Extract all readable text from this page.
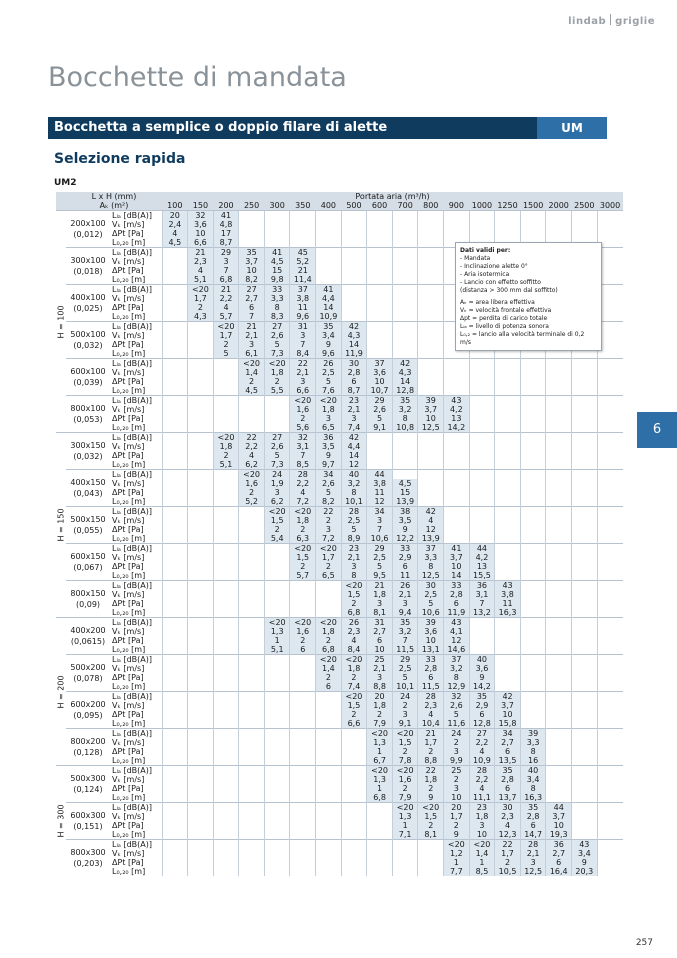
lindab griglie
Bocchette di mandata
Bocchetta a semplice o doppio filare di alette	UM
Selezione rapida
UM2
	L x H (mm)		Portata aria (m³/h)																	
	Aₖ (m²)		100	150	200	250	300	350	400	500	600	700	800	900	1000	1250	1500	2000	2500	3000

H = 100	200x100
(0,012)	Lₗₐ [dB(A)]	20	32	41															
		Vₖ [m/s]	2,4	3,6	4,8															
		ΔPt [Pa]	4	10	17															
		L₀,₂₀ [m]	4,5	6,6	8,7															

	300x100
(0,018)	Lₗₐ [dB(A)]		21	29	35	41	45												
		Vₖ [m/s]		2,3	3	3,7	4,5	5,2												
		ΔPt [Pa]		4	7	10	15	21												
		L₀,₂₀ [m]		5,1	6,8	8,2	9,8	11,4												

	400x100
(0,025)	Lₗₐ [dB(A)]		<20	21	27	33	37	41											
		Vₖ [m/s]		1,7	2,2	2,7	3,3	3,8	4,4											
		ΔPt [Pa]		2	4	6	8	11	14											
		L₀,₂₀ [m]		4,3	5,7	7	8,3	9,6	10,9											

	500x100
(0,032)	Lₗₐ [dB(A)]			<20	21	27	31	35	42										
		Vₖ [m/s]			1,7	2,1	2,6	3	3,4	4,3										
		ΔPt [Pa]			2	3	5	7	9	14										
		L₀,₂₀ [m]			5	6,1	7,3	8,4	9,6	11,9										

	600x100
(0,039)	Lₗₐ [dB(A)]				<20	<20	22	26	30	37	42								
		Vₖ [m/s]				1,4	1,8	2,1	2,5	2,8	3,6	4,3								
		ΔPt [Pa]				2	2	3	5	6	10	14								
		L₀,₂₀ [m]				4,5	5,5	6,6	7,6	8,7	10,7	12,8								

	800x100
(0,053)	Lₗₐ [dB(A)]						<20	<20	23	29	35	39	43						
		Vₖ [m/s]						1,6	1,8	2,1	2,6	3,2	3,7	4,2						
		ΔPt [Pa]						2	3	3	5	8	10	13						
		L₀,₂₀ [m]						5,6	6,5	7,4	9,1	10,8	12,5	14,2						

H = 150	300x150
(0,032)	Lₗₐ [dB(A)]			<20	22	27	32	36	42										
		Vₖ [m/s]			1,8	2,2	2,6	3,1	3,5	4,4										
		ΔPt [Pa]			2	4	5	7	9	14										
		L₀,₂₀ [m]			5,1	6,2	7,3	8,5	9,7	12										

	400x150
(0,043)	Lₗₐ [dB(A)]				<20	24	28	34	40	44									
		Vₖ [m/s]				1,6	1,9	2,2	2,6	3,2	3,8	4,5								
		ΔPt [Pa]				2	3	4	5	8	11	15								
		L₀,₂₀ [m]				5,2	6,2	7,2	8,2	10,1	12	13,9								

	500x150
(0,055)	Lₗₐ [dB(A)]					<20	<20	22	28	34	38	42							
		Vₖ [m/s]					1,5	1,8	2	2,5	3	3,5	4							
		ΔPt [Pa]					2	2	3	5	7	9	12							
		L₀,₂₀ [m]					5,4	6,3	7,2	8,9	10,6	12,2	13,9							

	600x150
(0,067)	Lₗₐ [dB(A)]						<20	<20	23	29	33	37	41	44					
		Vₖ [m/s]						1,5	1,7	2,1	2,5	2,9	3,3	3,7	4,2					
		ΔPt [Pa]						2	2	3	5	6	8	10	13					
		L₀,₂₀ [m]						5,7	6,5	8	9,5	11	12,5	14	15,5					

	800x150
(0,09)	Lₗₐ [dB(A)]								<20	21	26	30	33	36	43				
		Vₖ [m/s]								1,5	1,8	2,1	2,5	2,8	3,1	3,8				
		ΔPt [Pa]								2	3	3	5	6	7	11				
		L₀,₂₀ [m]								6,8	8,1	9,4	10,6	11,9	13,2	16,3				

H = 200	400x200
(0,0615)	Lₗₐ [dB(A)]					<20	<20	<20	26	31	35	39	43						
		Vₖ [m/s]					1,3	1,6	1,8	2,3	2,7	3,2	3,6	4,1						
		ΔPt [Pa]					1	2	2	4	6	7	10	12						
		L₀,₂₀ [m]					5,1	6	6,8	8,4	10	11,5	13,1	14,6						

	500x200
(0,078)	Lₗₐ [dB(A)]							<20	<20	25	29	33	37	40					
		Vₖ [m/s]							1,4	1,8	2,1	2,5	2,8	3,2	3,6					
		ΔPt [Pa]							2	2	3	5	6	8	9					
		L₀,₂₀ [m]							6	7,4	8,8	10,1	11,5	12,9	14,2					

	600x200
(0,095)	Lₗₐ [dB(A)]								<20	20	24	28	32	35	42				
		Vₖ [m/s]								1,5	1,8	2	2,3	2,6	2,9	3,7				
		ΔPt [Pa]								2	2	3	4	5	6	10				
		L₀,₂₀ [m]								6,6	7,9	9,1	10,4	11,6	12,8	15,8				

	800x200
(0,128)	Lₗₐ [dB(A)]									<20	<20	21	24	27	34	39			
		Vₖ [m/s]									1,3	1,5	1,7	2	2,2	2,7	3,3			
		ΔPt [Pa]									1	2	2	3	4	6	8			
		L₀,₂₀ [m]									6,7	7,8	8,8	9,9	10,9	13,5	16			

H = 300	500x300
(0,124)	Lₗₐ [dB(A)]									<20	<20	22	25	28	35	40			
		Vₖ [m/s]									1,3	1,6	1,8	2	2,2	2,8	3,4			
		ΔPt [Pa]									1	2	2	3	4	6	8			
		L₀,₂₀ [m]									6,8	7,9	9	10	11,1	13,7	16,3			

	600x300
(0,151)	Lₗₐ [dB(A)]										<20	<20	20	23	30	35	44		
		Vₖ [m/s]										1,3	1,5	1,7	1,8	2,3	2,8	3,7		
		ΔPt [Pa]										1	2	2	3	4	6	10		
		L₀,₂₀ [m]										7,1	8,1	9	10	12,3	14,7	19,3		

	800x300
(0,203)	Lₗₐ [dB(A)]												<20	<20	22	28	36	43	
		Vₖ [m/s]												1,2	1,4	1,7	2,1	2,7	3,4	
		ΔPt [Pa]												1	1	2	3	6	9	
		L₀,₂₀ [m]												7,7	8,5	10,5	12,5	16,4	20,3	
Dati validi per:
- Mandata
- Inclinazione alette 0°
- Aria isotermica
- Lancio con effetto soffitto
(distanza > 300 mm dal soffitto)
Aₖ = area libera effettiva
Vₖ = velocità frontale effettiva
Δpt = perdita di carico totale
Lₗₐ = livello di potenza sonora
L₀,₂ = lancio alla velocità terminale di 0,2 m/s
6
257
